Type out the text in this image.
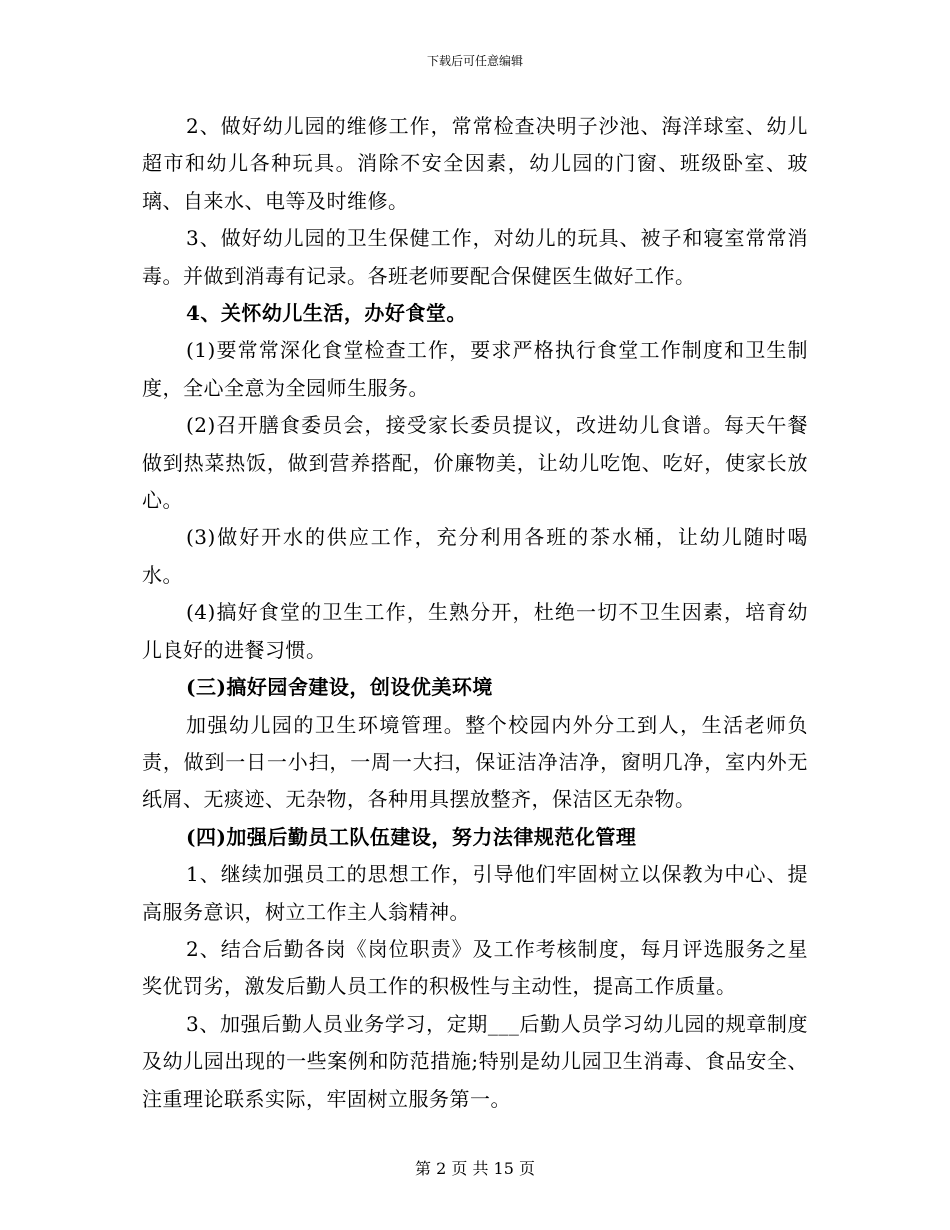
下载后可任意编辑

2、做好幼儿园的维修工作，常常检查决明子沙池、海洋球室、幼儿超市和幼儿各种玩具。消除不安全因素，幼儿园的门窗、班级卧室、玻璃、自来水、电等及时维修。

3、做好幼儿园的卫生保健工作，对幼儿的玩具、被子和寝室常常消毒。并做到消毒有记录。各班老师要配合保健医生做好工作。

4、关怀幼儿生活，办好食堂。

(1)要常常深化食堂检查工作，要求严格执行食堂工作制度和卫生制度，全心全意为全园师生服务。

(2)召开膳食委员会，接受家长委员提议，改进幼儿食谱。每天午餐做到热菜热饭，做到营养搭配，价廉物美，让幼儿吃饱、吃好，使家长放心。

(3)做好开水的供应工作，充分利用各班的茶水桶，让幼儿随时喝水。

(4)搞好食堂的卫生工作，生熟分开，杜绝一切不卫生因素，培育幼儿良好的进餐习惯。

(三)搞好园舍建设，创设优美环境

加强幼儿园的卫生环境管理。整个校园内外分工到人，生活老师负责，做到一日一小扫，一周一大扫，保证洁净洁净，窗明几净，室内外无纸屑、无痰迹、无杂物，各种用具摆放整齐，保洁区无杂物。

(四)加强后勤员工队伍建设，努力法律规范化管理

1、继续加强员工的思想工作，引导他们牢固树立以保教为中心、提高服务意识，树立工作主人翁精神。

2、结合后勤各岗《岗位职责》及工作考核制度，每月评选服务之星奖优罚劣，激发后勤人员工作的积极性与主动性，提高工作质量。

3、加强后勤人员业务学习，定期___后勤人员学习幼儿园的规章制度及幼儿园出现的一些案例和防范措施;特别是幼儿园卫生消毒、食品安全、注重理论联系实际，牢固树立服务第一。

第 2 页 共 15 页
